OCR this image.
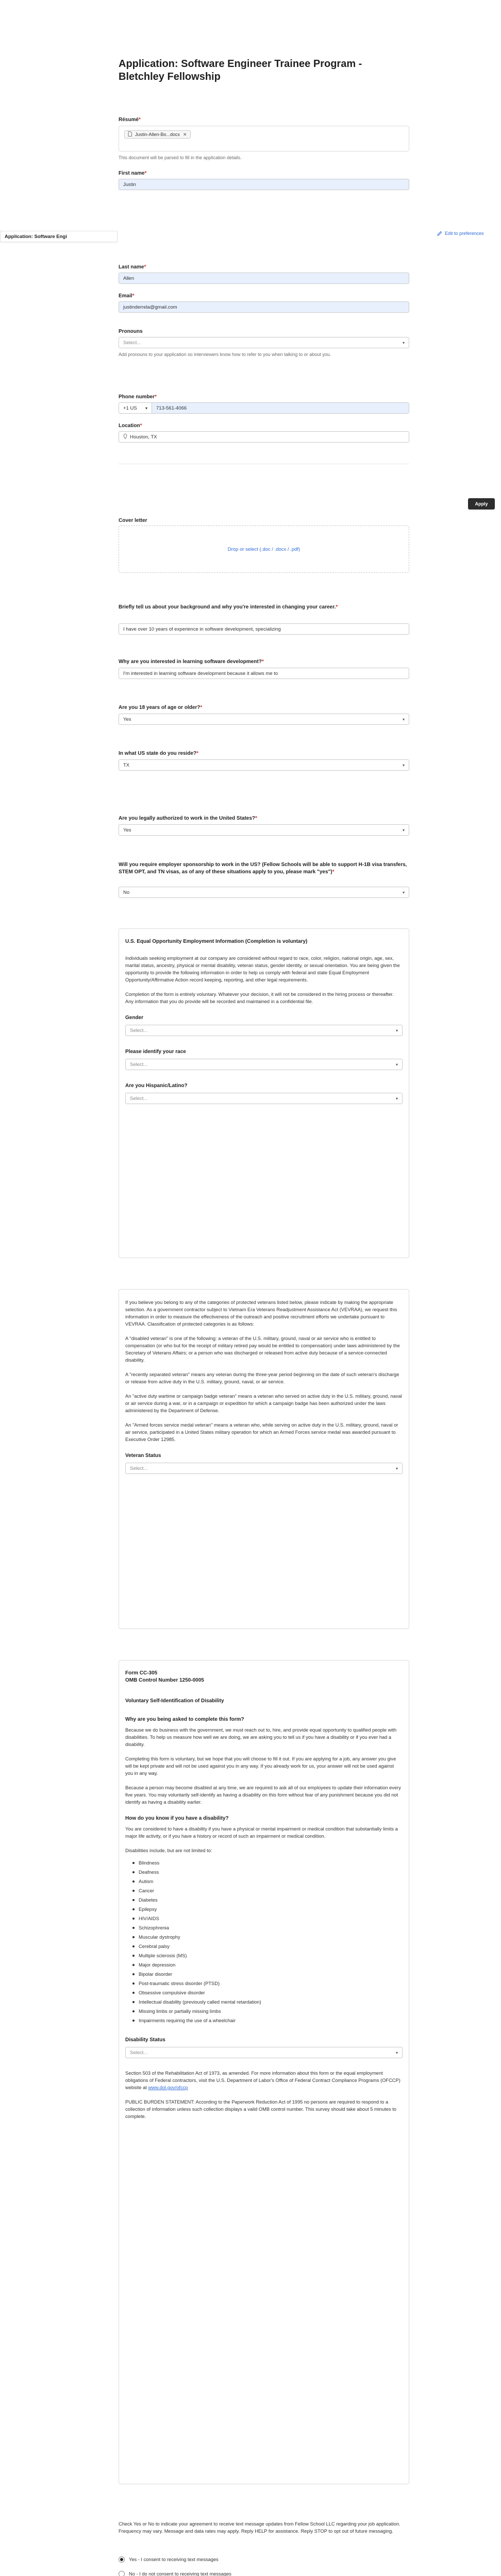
Application: Software Engi
Edit to preferences
Application: Software Engineer Trainee Program -
Bletchley Fellowship
Résumé*
Justin-Allen-Bo...docx ✕
This document will be parsed to fill in the application details.
First name*
Justin
Last name*
Allen
Email*
justinderrela@gmail.com
Pronouns
Select...	▾
Add pronouns to your application so interviewers know how to refer to you when talking to or about you.
Phone number*
+1 US ▾ 713-561-4066
Location*
Houston, TX
Cover letter
Drop or select (.doc / .docx / .pdf)
Briefly tell us about your background and why you're interested in changing your career.*
I have over 10 years of experience in software development, specializing
Why are you interested in learning software development?*
I'm interested in learning software development because it allows me to
Are you 18 years of age or older?*
Yes	▾
In what US state do you reside?*
TX	▾
Are you legally authorized to work in the United States?*
Yes	▾
Will you require employer sponsorship to work in the US? (Fellow Schools will be able to support H-1B visa transfers, STEM OPT, and TN visas, as of any of these situations apply to you, please mark "yes")*
No	▾
U.S. Equal Opportunity Employment Information (Completion is voluntary)
Individuals seeking employment at our company are considered without regard to race, color, religion, national origin, age, sex, marital status, ancestry, physical or mental disability, veteran status, gender identity, or sexual orientation. You are being given the opportunity to provide the following information in order to help us comply with federal and state Equal Employment Opportunity/Affirmative Action record keeping, reporting, and other legal requirements.
Completion of the form is entirely voluntary. Whatever your decision, it will not be considered in the hiring process or thereafter. Any information that you do provide will be recorded and maintained in a confidential file.
Gender
Select...	▾
Please identify your race
Select...	▾
Are you Hispanic/Latino?
Select...	▾
If you believe you belong to any of the categories of protected veterans listed below, please indicate by making the appropriate selection. As a government contractor subject to Vietnam Era Veterans Readjustment Assistance Act (VEVRAA), we request this information in order to measure the effectiveness of the outreach and positive recruitment efforts we undertake pursuant to VEVRAA. Classification of protected categories is as follows:
A "disabled veteran" is one of the following: a veteran of the U.S. military, ground, naval or air service who is entitled to compensation (or who but for the receipt of military retired pay would be entitled to compensation) under laws administered by the Secretary of Veterans Affairs; or a person who was discharged or released from active duty because of a service-connected disability.
A "recently separated veteran" means any veteran during the three-year period beginning on the date of such veteran's discharge or release from active duty in the U.S. military, ground, naval, or air service.
An "active duty wartime or campaign badge veteran" means a veteran who served on active duty in the U.S. military, ground, naval or air service during a war, or in a campaign or expedition for which a campaign badge has been authorized under the laws administered by the Department of Defense.
An "Armed forces service medal veteran" means a veteran who, while serving on active duty in the U.S. military, ground, naval or air service, participated in a United States military operation for which an Armed Forces service medal was awarded pursuant to Executive Order 12985.
Veteran Status
Select...	▾
Form CC-305
OMB Control Number 1250-0005
Voluntary Self-Identification of Disability
Why are you being asked to complete this form?
Because we do business with the government, we must reach out to, hire, and provide equal opportunity to qualified people with disabilities. To help us measure how well we are doing, we are asking you to tell us if you have a disability or if you ever had a disability.
Completing this form is voluntary, but we hope that you will choose to fill it out. If you are applying for a job, any answer you give will be kept private and will not be used against you in any way. If you already work for us, your answer will not be used against you in any way.
Because a person may become disabled at any time, we are required to ask all of our employees to update their information every five years. You may voluntarily self-identify as having a disability on this form without fear of any punishment because you did not identify as having a disability earlier.
How do you know if you have a disability?
You are considered to have a disability if you have a physical or mental impairment or medical condition that substantially limits a major life activity, or if you have a history or record of such an impairment or medical condition.
Disabilities include, but are not limited to:
Blindness
Deafness
Autism
Cancer
Diabetes
Epilepsy
HIV/AIDS
Schizophrenia
Muscular dystrophy
Cerebral palsy
Multiple sclerosis (MS)
Major depression
Bipolar disorder
Post-traumatic stress disorder (PTSD)
Obsessive compulsive disorder
Intellectual disability (previously called mental retardation)
Missing limbs or partially missing limbs
Impairments requiring the use of a wheelchair
Disability Status
Select...	▾
Section 503 of the Rehabilitation Act of 1973, as amended. For more information about this form or the equal employment obligations of Federal contractors, visit the U.S. Department of Labor's Office of Federal Contract Compliance Programs (OFCCP) website at www.dol.gov/ofccp
PUBLIC BURDEN STATEMENT: According to the Paperwork Reduction Act of 1995 no persons are required to respond to a collection of information unless such collection displays a valid OMB control number. This survey should take about 5 minutes to complete.
Check Yes or No to indicate your agreement to receive text message updates from Fellow School LLC regarding your job application. Frequency may vary. Message and data rates may apply. Reply HELP for assistance. Reply STOP to opt out of future messaging.
Yes - I consent to receiving text messages
No - I do not consent to receiving text messages
Apply
